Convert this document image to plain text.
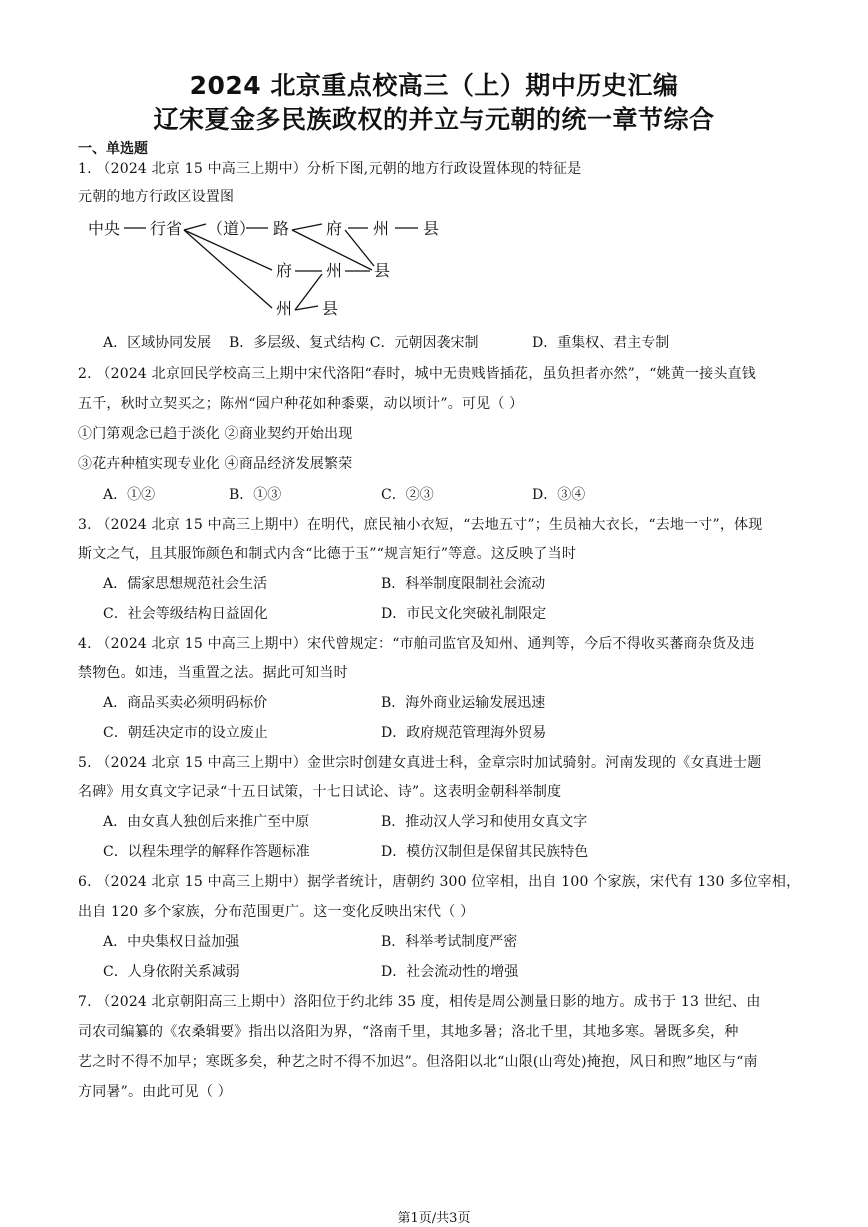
2024 北京重点校高三（上）期中历史汇编
辽宋夏金多民族政权的并立与元朝的统一章节综合
一、单选题
1. （2024 北京 15 中高三上期中）分析下图,元朝的地方行政设置体现的特征是
元朝的地方行政区设置图
中央 行省 （道） 路 府 州 县
府 州 县
州 县
A．区域协同发展 B．多层级、复式结构 C．元朝因袭宋制	D．重集权、君主专制
2. （2024 北京回民学校高三上期中宋代洛阳“春时，城中无贵贱皆插花，虽负担者亦然”，“姚黄一接头直钱
五千，秋时立契买之；陈州“园户种花如种黍粟，动以顷计”。可见（ ）
①门第观念已趋于淡化 ②商业契约开始出现
③花卉种植实现专业化 ④商品经济发展繁荣
A．①②	B．①③	C．②③	D．③④
3. （2024 北京 15 中高三上期中）在明代，庶民袖小衣短，“去地五寸”；生员袖大衣长，“去地一寸”，体现
斯文之气，且其服饰颜色和制式内含“比德于玉”“规言矩行”等意。这反映了当时
A．儒家思想规范社会生活	B．科举制度限制社会流动
C．社会等级结构日益固化	D．市民文化突破礼制限定
4. （2024 北京 15 中高三上期中）宋代曾规定：“市舶司监官及知州、通判等，今后不得收买蕃商杂货及违
禁物色。如违，当重置之法。据此可知当时
A．商品买卖必须明码标价	B．海外商业运输发展迅速
C．朝廷决定市的设立废止	D．政府规范管理海外贸易
5. （2024 北京 15 中高三上期中）金世宗时创建女真进士科，金章宗时加试骑射。河南发现的《女真进士题
名碑》用女真文字记录“十五日试策，十七日试论、诗”。这表明金朝科举制度
A．由女真人独创后来推广至中原	B．推动汉人学习和使用女真文字
C．以程朱理学的解释作答题标准	D．模仿汉制但是保留其民族特色
6. （2024 北京 15 中高三上期中）据学者统计，唐朝约 300 位宰相，出自 100 个家族，宋代有 130 多位宰相，
出自 120 多个家族，分布范围更广。这一变化反映出宋代（ ）
A．中央集权日益加强	B．科举考试制度严密
C．人身依附关系减弱	D．社会流动性的增强
7. （2024 北京朝阳高三上期中）洛阳位于约北纬 35 度，相传是周公测量日影的地方。成书于 13 世纪、由
司农司编纂的《农桑辑要》指出以洛阳为界，“洛南千里，其地多暑；洛北千里，其地多寒。暑既多矣，种
艺之时不得不加早；寒既多矣，种艺之时不得不加迟”。但洛阳以北“山限(山弯处)掩抱，风日和煦”地区与“南
方同暑”。由此可见（ ）
第1页/共3页
